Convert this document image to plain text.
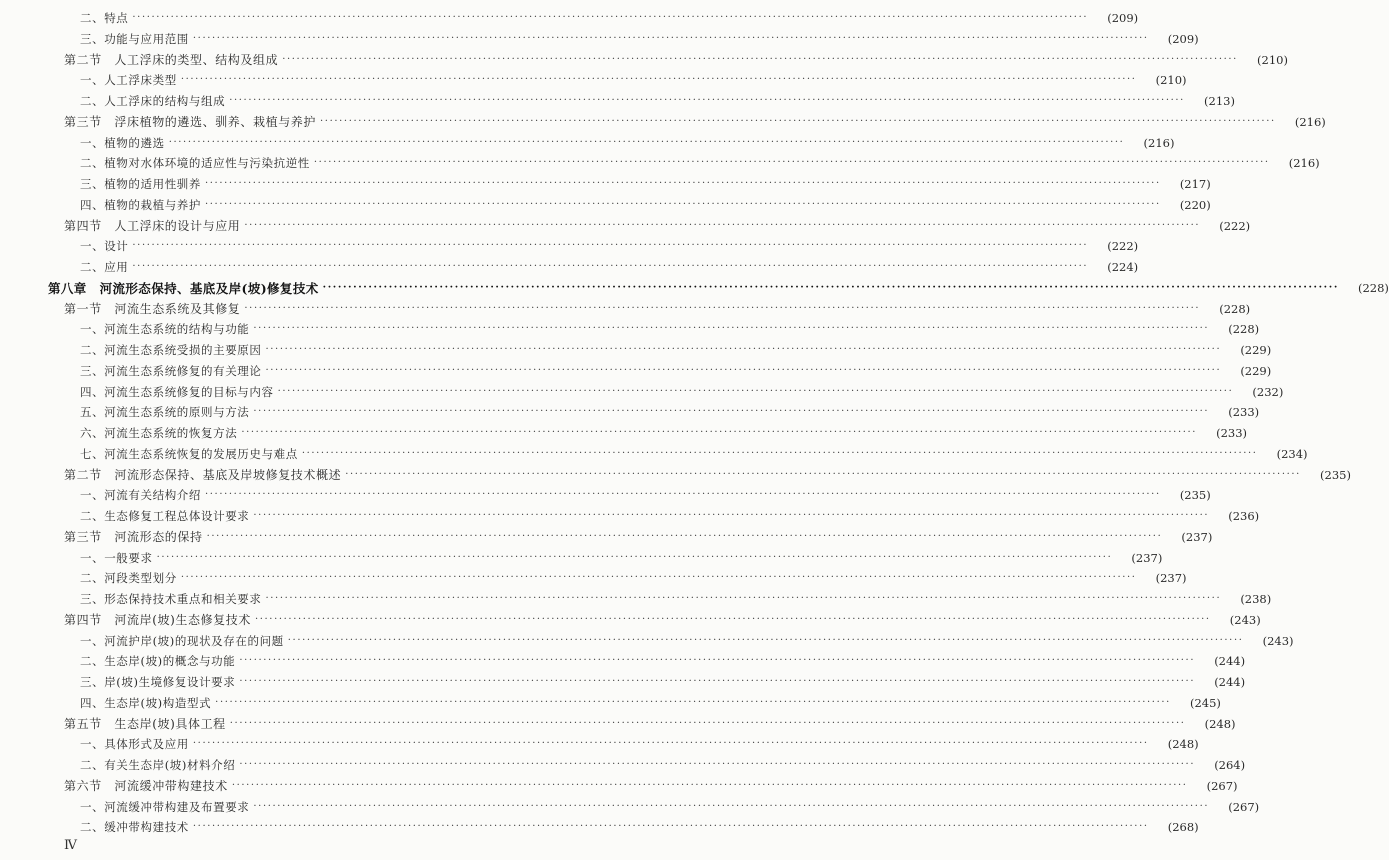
二、特点 ········································································································································································································	(209)
三、功能与应用范围 ········································································································································································································	(209)
第二节　人工浮床的类型、结构及组成 ········································································································································································································	(210)
一、人工浮床类型 ········································································································································································································	(210)
二、人工浮床的结构与组成 ········································································································································································································	(213)
第三节　浮床植物的遴选、驯养、栽植与养护 ········································································································································································································	(216)
一、植物的遴选 ········································································································································································································	(216)
二、植物对水体环境的适应性与污染抗逆性 ········································································································································································································	(216)
三、植物的适用性驯养 ········································································································································································································	(217)
四、植物的栽植与养护 ········································································································································································································	(220)
第四节　人工浮床的设计与应用 ········································································································································································································	(222)
一、设计 ········································································································································································································	(222)
二、应用 ········································································································································································································	(224)
第八章　河流形态保持、基底及岸(坡)修复技术 ········································································································································································································	(228)
第一节　河流生态系统及其修复 ········································································································································································································	(228)
一、河流生态系统的结构与功能 ········································································································································································································	(228)
二、河流生态系统受损的主要原因 ········································································································································································································	(229)
三、河流生态系统修复的有关理论 ········································································································································································································	(229)
四、河流生态系统修复的目标与内容 ········································································································································································································	(232)
五、河流生态系统的原则与方法 ········································································································································································································	(233)
六、河流生态系统的恢复方法 ········································································································································································································	(233)
七、河流生态系统恢复的发展历史与难点 ········································································································································································································	(234)
第二节　河流形态保持、基底及岸坡修复技术概述 ········································································································································································································	(235)
一、河流有关结构介绍 ········································································································································································································	(235)
二、生态修复工程总体设计要求 ········································································································································································································	(236)
第三节　河流形态的保持 ········································································································································································································	(237)
一、一般要求 ········································································································································································································	(237)
二、河段类型划分 ········································································································································································································	(237)
三、形态保持技术重点和相关要求 ········································································································································································································	(238)
第四节　河流岸(坡)生态修复技术 ········································································································································································································	(243)
一、河流护岸(坡)的现状及存在的问题 ········································································································································································································	(243)
二、生态岸(坡)的概念与功能 ········································································································································································································	(244)
三、岸(坡)生境修复设计要求 ········································································································································································································	(244)
四、生态岸(坡)构造型式 ········································································································································································································	(245)
第五节　生态岸(坡)具体工程 ········································································································································································································	(248)
一、具体形式及应用 ········································································································································································································	(248)
二、有关生态岸(坡)材料介绍 ········································································································································································································	(264)
第六节　河流缓冲带构建技术 ········································································································································································································	(267)
一、河流缓冲带构建及布置要求 ········································································································································································································	(267)
二、缓冲带构建技术 ········································································································································································································	(268)
Ⅳ
